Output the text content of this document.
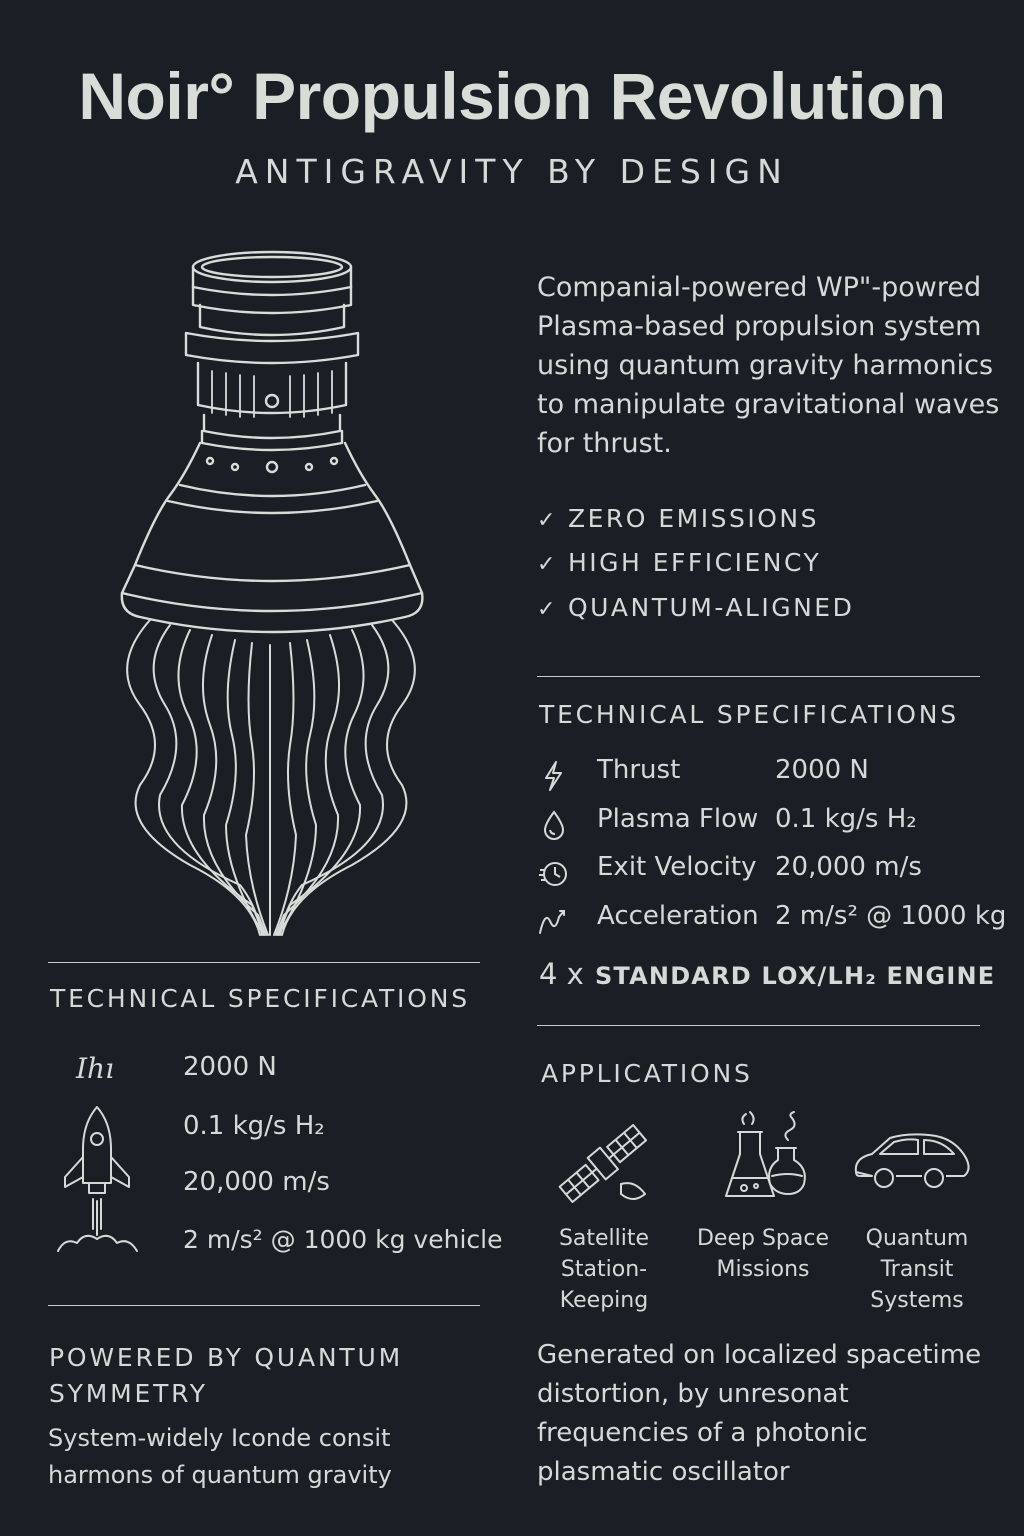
Noir° Propulsion Revolution
ANTIGRAVITY BY DESIGN
Companial-powered WP"-powred Plasma-based propulsion system using quantum gravity harmonics to manipulate gravitational waves for thrust.
✓ ZERO EMISSIONS
✓ HIGH EFFICIENCY
✓ QUANTUM-ALIGNED
TECHNICAL SPECIFICATIONS
Thrust	2000 N
Plasma Flow 0.1 kg/s H₂
Exit Velocity 20,000 m/s
Acceleration 2 m/s² @ 1000 kg
4 x STANDARD LOX/LH₂ ENGINE
TECHNICAL SPECIFICATIONS
Ihı	2000 N
0.1 kg/s H₂
20,000 m/s
2 m/s² @ 1000 kg vehicle
APPLICATIONS
Satellite Station-Keeping
Deep Space Missions
Quantum Transit Systems
POWERED BY QUANTUM SYMMETRY
System-widely Iconde consit harmons of quantum gravity
Generated on localized spacetime distortion, by unresonat frequencies of a photonic plasmatic oscillator
